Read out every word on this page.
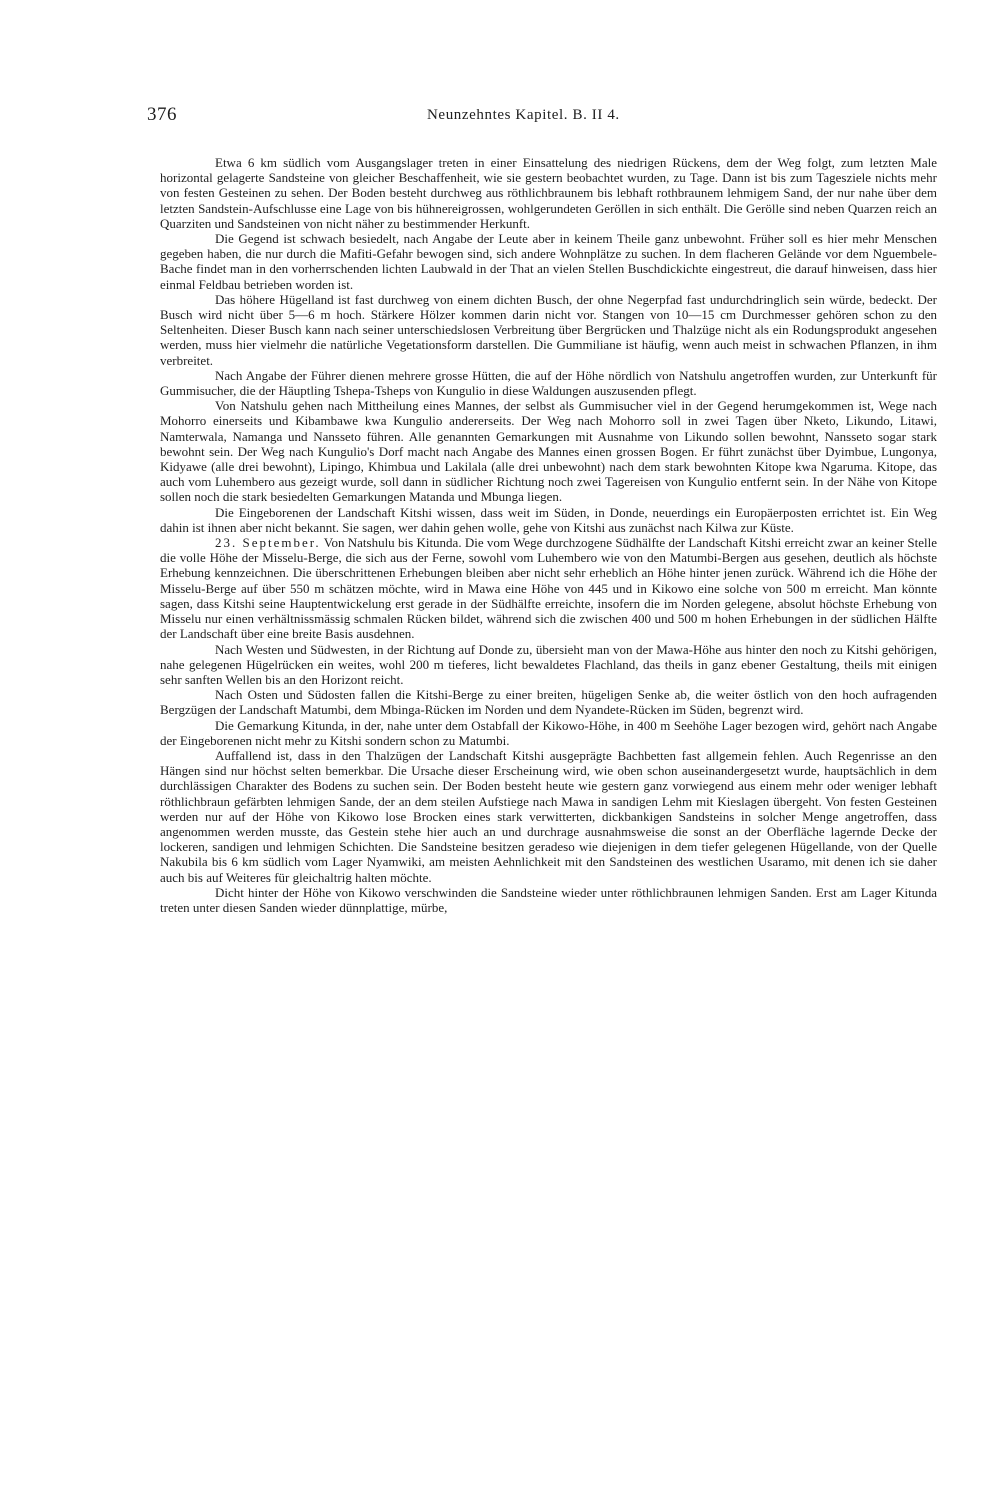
376	Neunzehntes Kapitel. B. II 4.

Etwa 6 km südlich vom Ausgangslager treten in einer Einsattelung des niedrigen Rückens, dem der Weg folgt, zum letzten Male horizontal gelagerte Sandsteine von gleicher Beschaffenheit, wie sie gestern beobachtet wurden, zu Tage. Dann ist bis zum Tagesziele nichts mehr von festen Gesteinen zu sehen. Der Boden besteht durchweg aus röthlichbraunem bis lebhaft rothbraunem lehmigem Sand, der nur nahe über dem letzten Sandstein-Aufschlusse eine Lage von bis hühnereigrossen, wohlgerundeten Geröllen in sich enthält. Die Gerölle sind neben Quarzen reich an Quarziten und Sandsteinen von nicht näher zu bestimmender Herkunft.

Die Gegend ist schwach besiedelt, nach Angabe der Leute aber in keinem Theile ganz unbewohnt. Früher soll es hier mehr Menschen gegeben haben, die nur durch die Mafiti-Gefahr bewogen sind, sich andere Wohnplätze zu suchen. In dem flacheren Gelände vor dem Nguembele-Bache findet man in den vorherrschenden lichten Laubwald in der That an vielen Stellen Buschdickichte eingestreut, die darauf hinweisen, dass hier einmal Feldbau betrieben worden ist.

Das höhere Hügelland ist fast durchweg von einem dichten Busch, der ohne Negerpfad fast undurchdringlich sein würde, bedeckt. Der Busch wird nicht über 5—6 m hoch. Stärkere Hölzer kommen darin nicht vor. Stangen von 10—15 cm Durchmesser gehören schon zu den Seltenheiten. Dieser Busch kann nach seiner unterschiedslosen Verbreitung über Bergrücken und Thalzüge nicht als ein Rodungsprodukt angesehen werden, muss hier vielmehr die natürliche Vegetationsform darstellen. Die Gummiliane ist häufig, wenn auch meist in schwachen Pflanzen, in ihm verbreitet.

Nach Angabe der Führer dienen mehrere grosse Hütten, die auf der Höhe nördlich von Natshulu angetroffen wurden, zur Unterkunft für Gummisucher, die der Häuptling Tshepa-Tsheps von Kungulio in diese Waldungen auszusenden pflegt.

Von Natshulu gehen nach Mittheilung eines Mannes, der selbst als Gummisucher viel in der Gegend herumgekommen ist, Wege nach Mohorro einerseits und Kibambawe kwa Kungulio andererseits. Der Weg nach Mohorro soll in zwei Tagen über Nketo, Likundo, Litawi, Namterwala, Namanga und Nansseto führen. Alle genannten Gemarkungen mit Ausnahme von Likundo sollen bewohnt, Nansseto sogar stark bewohnt sein. Der Weg nach Kungulio's Dorf macht nach Angabe des Mannes einen grossen Bogen. Er führt zunächst über Dyimbue, Lungonya, Kidyawe (alle drei bewohnt), Lipingo, Khimbua und Lakilala (alle drei unbewohnt) nach dem stark bewohnten Kitope kwa Ngaruma. Kitope, das auch vom Luhembero aus gezeigt wurde, soll dann in südlicher Richtung noch zwei Tagereisen von Kungulio entfernt sein. In der Nähe von Kitope sollen noch die stark besiedelten Gemarkungen Matanda und Mbunga liegen.

Die Eingeborenen der Landschaft Kitshi wissen, dass weit im Süden, in Donde, neuerdings ein Europäerposten errichtet ist. Ein Weg dahin ist ihnen aber nicht bekannt. Sie sagen, wer dahin gehen wolle, gehe von Kitshi aus zunächst nach Kilwa zur Küste.

23. September. Von Natshulu bis Kitunda. Die vom Wege durchzogene Südhälfte der Landschaft Kitshi erreicht zwar an keiner Stelle die volle Höhe der Misselu-Berge, die sich aus der Ferne, sowohl vom Luhembero wie von den Matumbi-Bergen aus gesehen, deutlich als höchste Erhebung kennzeichnen. Die überschrittenen Erhebungen bleiben aber nicht sehr erheblich an Höhe hinter jenen zurück. Während ich die Höhe der Misselu-Berge auf über 550 m schätzen möchte, wird in Mawa eine Höhe von 445 und in Kikowo eine solche von 500 m erreicht. Man könnte sagen, dass Kitshi seine Hauptentwickelung erst gerade in der Südhälfte erreichte, insofern die im Norden gelegene, absolut höchste Erhebung von Misselu nur einen verhältnissmässig schmalen Rücken bildet, während sich die zwischen 400 und 500 m hohen Erhebungen in der südlichen Hälfte der Landschaft über eine breite Basis ausdehnen.

Nach Westen und Südwesten, in der Richtung auf Donde zu, übersieht man von der Mawa-Höhe aus hinter den noch zu Kitshi gehörigen, nahe gelegenen Hügelrücken ein weites, wohl 200 m tieferes, licht bewaldetes Flachland, das theils in ganz ebener Gestaltung, theils mit einigen sehr sanften Wellen bis an den Horizont reicht.

Nach Osten und Südosten fallen die Kitshi-Berge zu einer breiten, hügeligen Senke ab, die weiter östlich von den hoch aufragenden Bergzügen der Landschaft Matumbi, dem Mbinga-Rücken im Norden und dem Nyandete-Rücken im Süden, begrenzt wird.

Die Gemarkung Kitunda, in der, nahe unter dem Ostabfall der Kikowo-Höhe, in 400 m Seehöhe Lager bezogen wird, gehört nach Angabe der Eingeborenen nicht mehr zu Kitshi sondern schon zu Matumbi.

Auffallend ist, dass in den Thalzügen der Landschaft Kitshi ausgeprägte Bachbetten fast allgemein fehlen. Auch Regenrisse an den Hängen sind nur höchst selten bemerkbar. Die Ursache dieser Erscheinung wird, wie oben schon auseinandergesetzt wurde, hauptsächlich in dem durchlässigen Charakter des Bodens zu suchen sein. Der Boden besteht heute wie gestern ganz vorwiegend aus einem mehr oder weniger lebhaft röthlichbraun gefärbten lehmigen Sande, der an dem steilen Aufstiege nach Mawa in sandigen Lehm mit Kieslagen übergeht. Von festen Gesteinen werden nur auf der Höhe von Kikowo lose Brocken eines stark verwitterten, dickbankigen Sandsteins in solcher Menge angetroffen, dass angenommen werden musste, das Gestein stehe hier auch an und durchrage ausnahmsweise die sonst an der Oberfläche lagernde Decke der lockeren, sandigen und lehmigen Schichten. Die Sandsteine besitzen geradeso wie diejenigen in dem tiefer gelegenen Hügellande, von der Quelle Nakubila bis 6 km südlich vom Lager Nyamwiki, am meisten Aehnlichkeit mit den Sandsteinen des westlichen Usaramo, mit denen ich sie daher auch bis auf Weiteres für gleichaltrig halten möchte.

Dicht hinter der Höhe von Kikowo verschwinden die Sandsteine wieder unter röthlichbraunen lehmigen Sanden. Erst am Lager Kitunda treten unter diesen Sanden wieder dünnplattige, mürbe,
